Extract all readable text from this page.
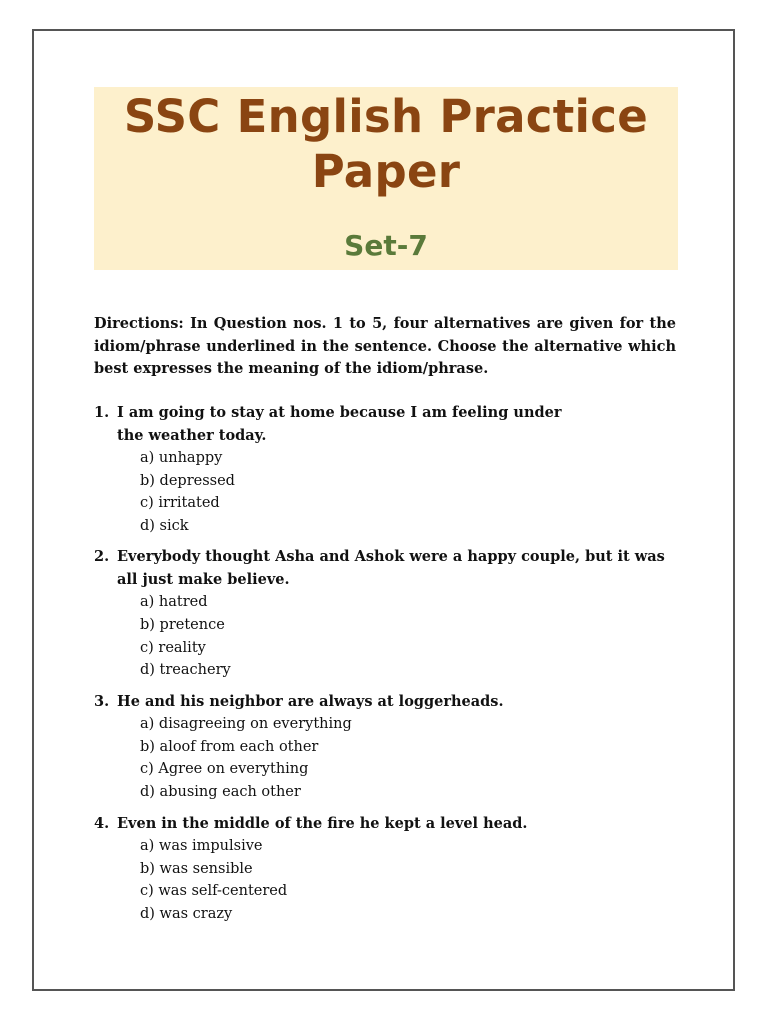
SSC English Practice Paper
Set-7
Directions: In Question nos. 1 to 5, four alternatives are given for the idiom/phrase underlined in the sentence. Choose the alternative which best expresses the meaning of the idiom/phrase.
1. I am going to stay at home because I am feeling under the weather today.
a) unhappy
b) depressed
c) irritated
d) sick
2. Everybody thought Asha and Ashok were a happy couple, but it was all just make believe.
a) hatred
b) pretence
c) reality
d) treachery
3. He and his neighbor are always at loggerheads.
a) disagreeing on everything
b) aloof from each other
c) Agree on everything
d) abusing each other
4. Even in the middle of the fire he kept a level head.
a) was impulsive
b) was sensible
c) was self-centered
d) was crazy
